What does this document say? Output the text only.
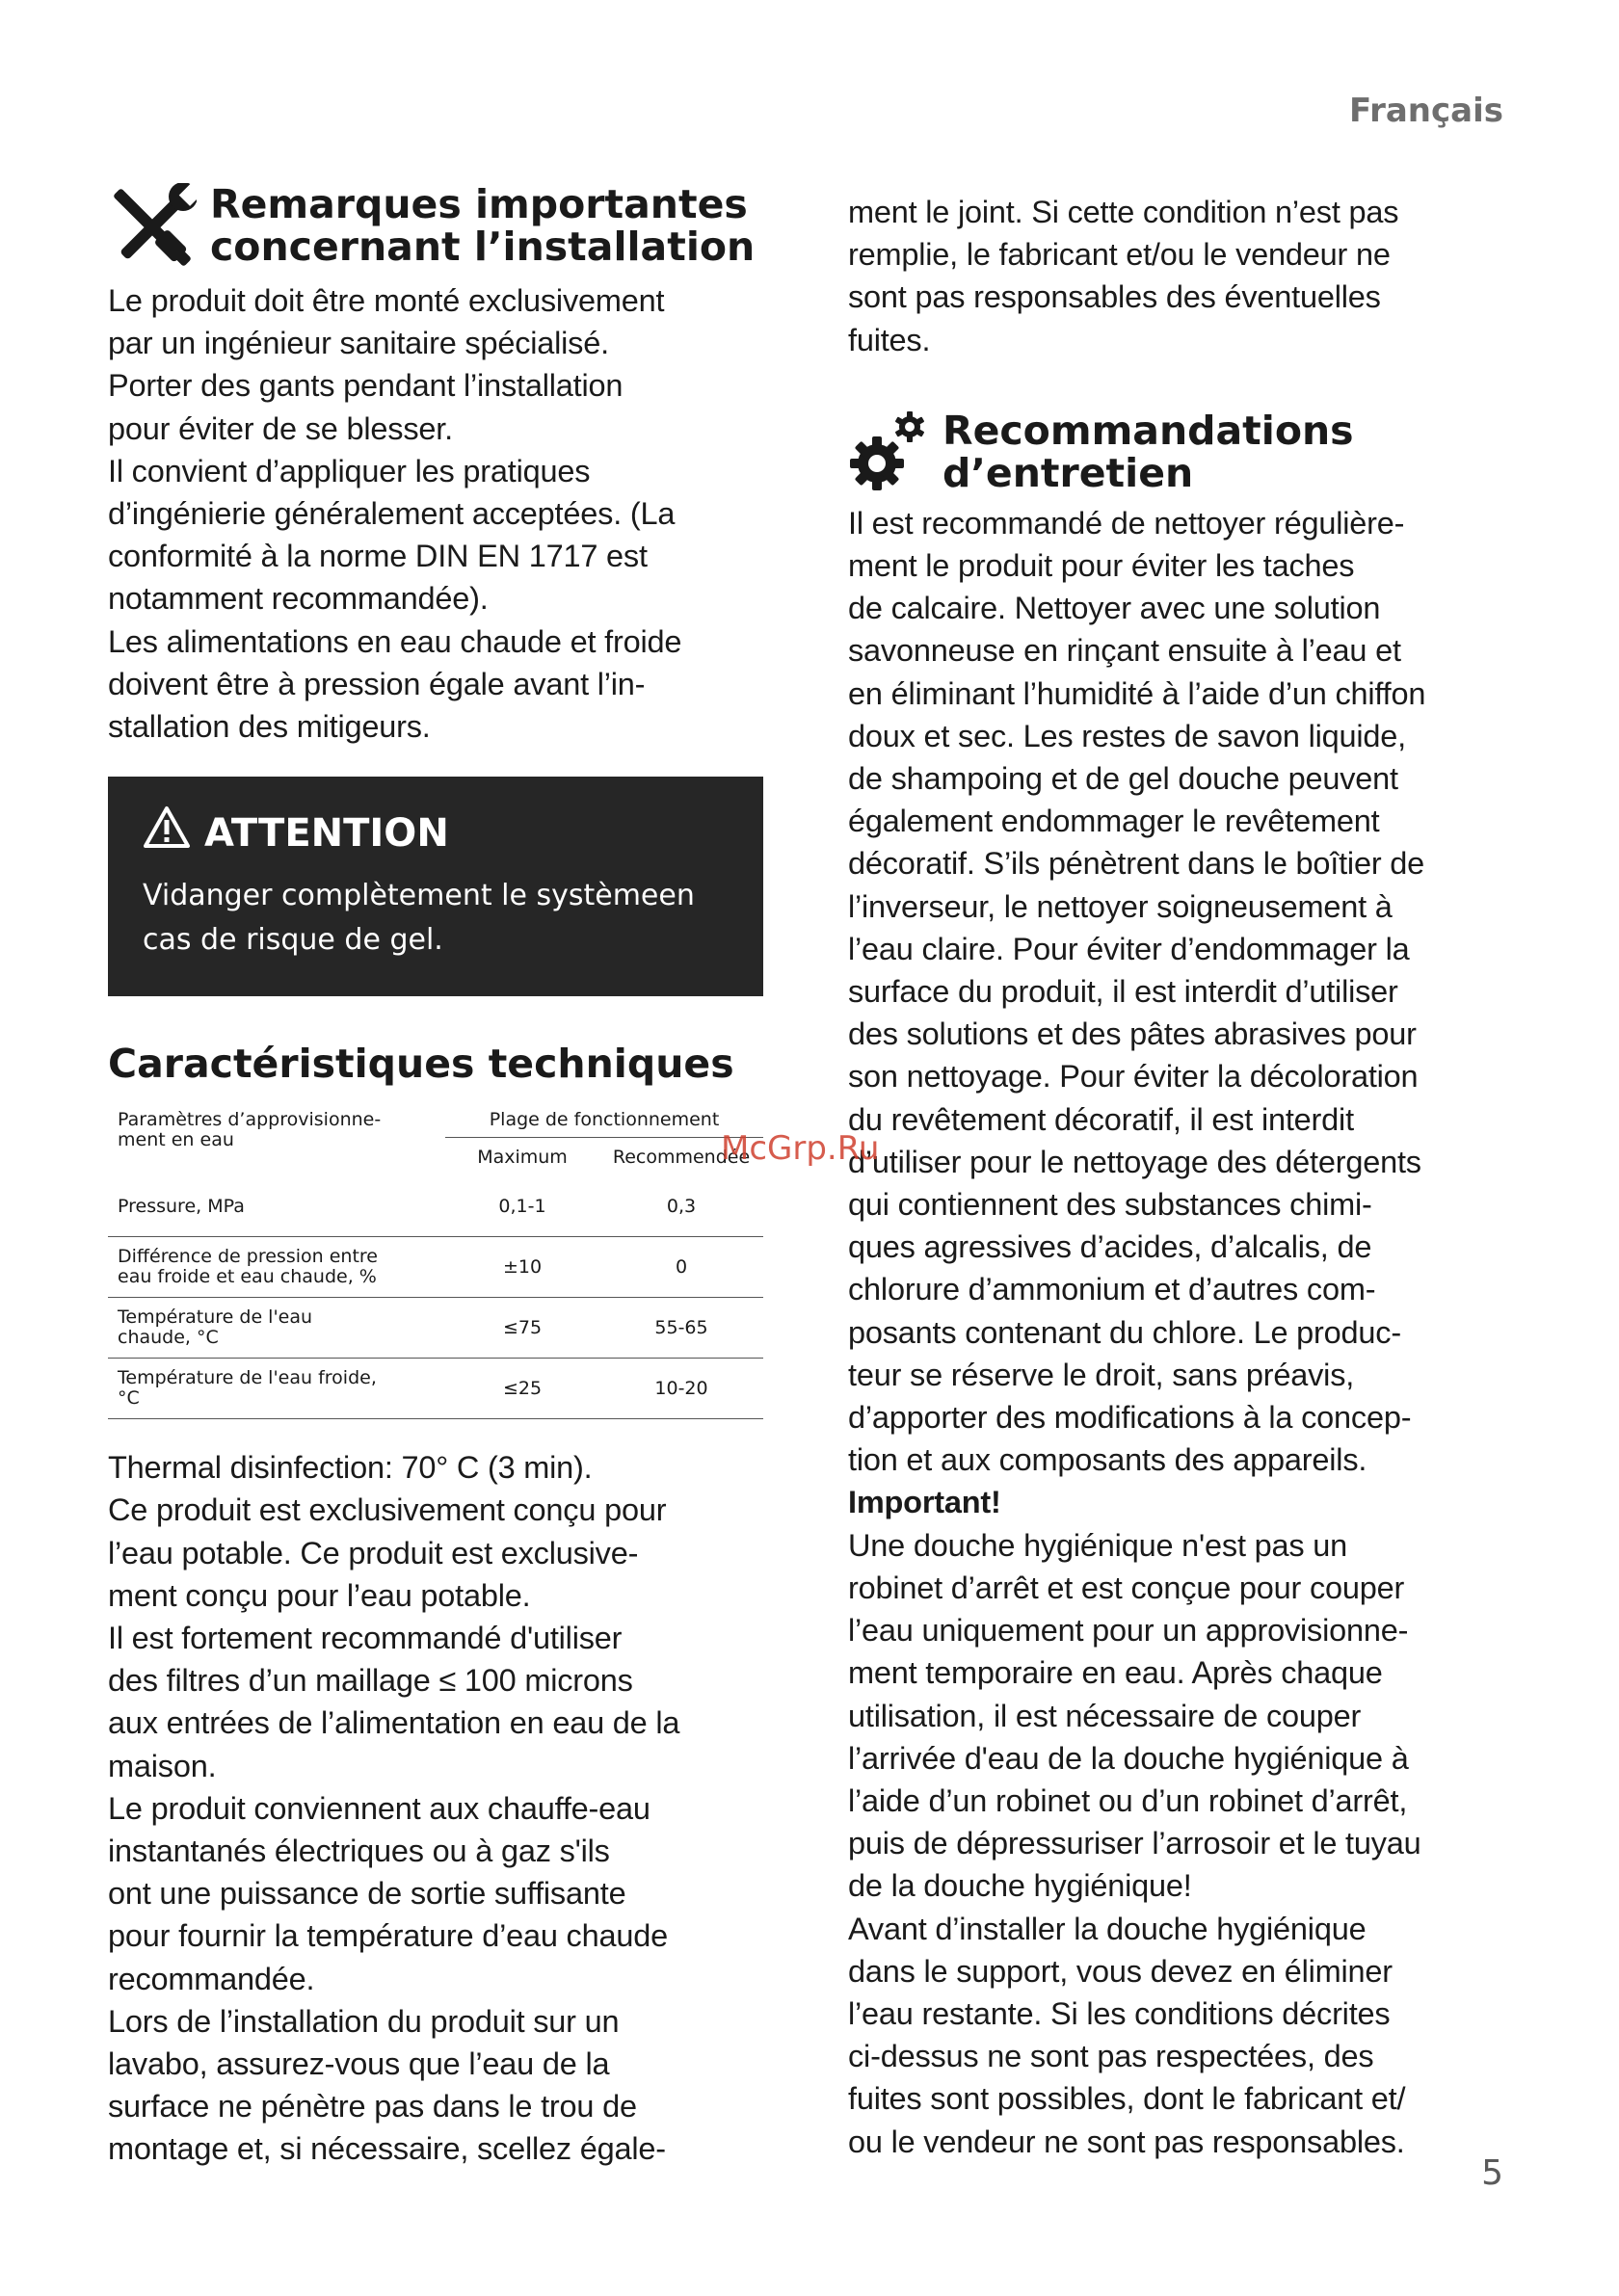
Français
Remarques importantes
concernant l’installation
Le produit doit être monté exclusivement
par un ingénieur sanitaire spécialisé.
Porter des gants pendant l’installation
pour éviter de se blesser.
Il convient d’appliquer les pratiques
d’ingénierie généralement acceptées. (La
conformité à la norme DIN EN 1717 est
notamment recommandée).
Les alimentations en eau chaude et froide
doivent être à pression égale avant l’in-
stallation des mitigeurs.
ATTENTION
Vidanger complètement le systèmeen cas de risque de gel.
Caractéristiques techniques
Paramètres d’approvisionne-
ment en eau	Plage de fonctionnement	
	Maximum	Recommendée
Pressure, MPa	0,1-1	0,3
Différence de pression entre
eau froide et eau chaude, %	±10	0
Température de l'eau
chaude, °C	≤75	55-65
Température de l'eau froide,
°C	≤25	10-20
Thermal disinfection: 70° C (3 min).
Ce produit est exclusivement conçu pour
l’eau potable. Ce produit est exclusive-
ment conçu pour l’eau potable.
Il est fortement recommandé d'utiliser
des filtres d’un maillage ≤ 100 microns
aux entrées de l’alimentation en eau de la
maison.
Le produit conviennent aux chauffe-eau
instantanés électriques ou à gaz s'ils
ont une puissance de sortie suffisante
pour fournir la température d’eau chaude
recommandée.
Lors de l’installation du produit sur un
lavabo, assurez-vous que l’eau de la
surface ne pénètre pas dans le trou de
montage et, si nécessaire, scellez égale-
ment le joint. Si cette condition n’est pas
remplie, le fabricant et/ou le vendeur ne
sont pas responsables des éventuelles
fuites.
Recommandations
d’entretien
Il est recommandé de nettoyer régulière-
ment le produit pour éviter les taches
de calcaire. Nettoyer avec une solution
savonneuse en rinçant ensuite à l’eau et
en éliminant l’humidité à l’aide d’un chiffon
doux et sec. Les restes de savon liquide,
de shampoing et de gel douche peuvent
également endommager le revêtement
décoratif. S’ils pénètrent dans le boîtier de
l’inverseur, le nettoyer soigneusement à
l’eau claire. Pour éviter d’endommager la
surface du produit, il est interdit d’utiliser
des solutions et des pâtes abrasives pour
son nettoyage. Pour éviter la décoloration
du revêtement décoratif, il est interdit
d’utiliser pour le nettoyage des détergents
qui contiennent des substances chimi-
ques agressives d’acides, d’alcalis, de
chlorure d’ammonium et d’autres com-
posants contenant du chlore. Le produc-
teur se réserve le droit, sans préavis,
d’apporter des modifications à la concep-
tion et aux composants des appareils.
Important!
Une douche hygiénique n'est pas un
robinet d’arrêt et est conçue pour couper
l’eau uniquement pour un approvisionne-
ment temporaire en eau. Après chaque
utilisation, il est nécessaire de couper
l’arrivée d'eau de la douche hygiénique à
l’aide d’un robinet ou d’un robinet d’arrêt,
puis de dépressuriser l’arrosoir et le tuyau
de la douche hygiénique!
Avant d’installer la douche hygiénique
dans le support, vous devez en éliminer
l’eau restante. Si les conditions décrites
ci-dessus ne sont pas respectées, des
fuites sont possibles, dont le fabricant et/
ou le vendeur ne sont pas responsables.
McGrp.Ru
5
